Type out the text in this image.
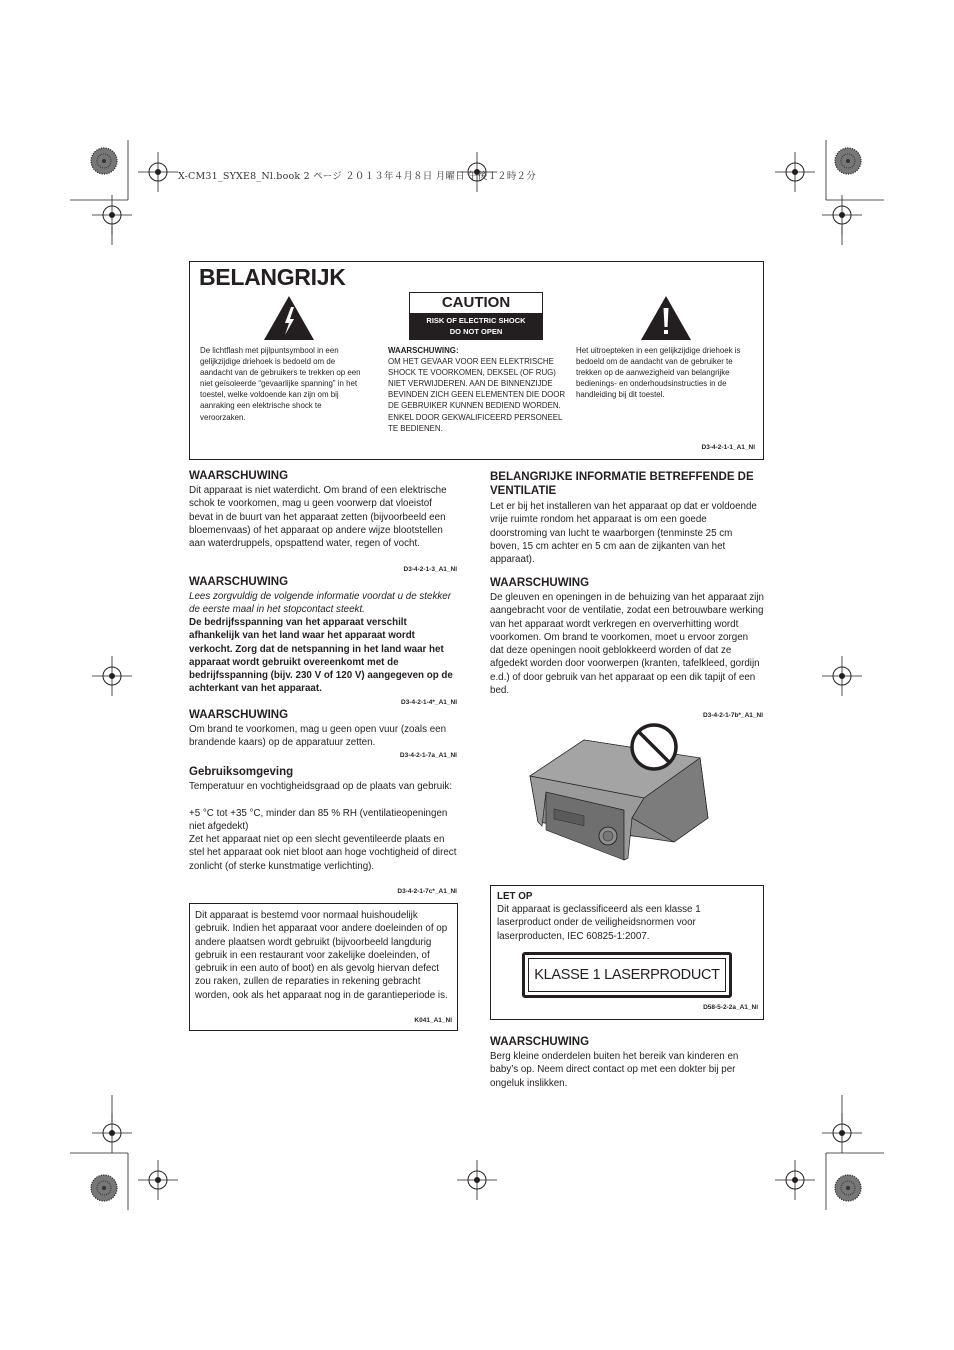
X-CM31_SYXE8_Nl.book 2 ページ ２０１３年４月８日 月曜日 午後１２時２分
BELANGRIJK
CAUTION
RISK OF ELECTRIC SHOCK
DO NOT OPEN
De lichtflash met pijlpuntsymbool in een gelijkzijdige driehoek is bedoeld om de aandacht van de gebruikers te trekken op een niet geïsoleerde “gevaarlijke spanning” in het toestel, welke voldoende kan zijn om bij aanraking een elektrische shock te veroorzaken.
WAARSCHUWING:
OM HET GEVAAR VOOR EEN ELEKTRISCHE SHOCK TE VOORKOMEN, DEKSEL (OF RUG) NIET VERWIJDEREN. AAN DE BINNENZIJDE BEVINDEN ZICH GEEN ELEMENTEN DIE DOOR DE GEBRUIKER KUNNEN BEDIEND WORDEN. ENKEL DOOR GEKWALIFICEERD PERSONEEL TE BEDIENEN.
Het uitroepteken in een gelijkzijdige driehoek is bedoeld om de aandacht van de gebruiker te trekken op de aanwezigheid van belangrijke bedienings- en onderhoudsinstructies in de handleiding bij dit toestel.
D3-4-2-1-1_A1_Nl
WAARSCHUWING
Dit apparaat is niet waterdicht. Om brand of een elektrische schok te voorkomen, mag u geen voorwerp dat vloeistof bevat in de buurt van het apparaat zetten (bijvoorbeeld een bloemenvaas) of het apparaat op andere wijze blootstellen aan waterdruppels, opspattend water, regen of vocht.
D3-4-2-1-3_A1_Nl
WAARSCHUWING
Lees zorgvuldig de volgende informatie voordat u de stekker de eerste maal in het stopcontact steekt.
De bedrijfsspanning van het apparaat verschilt afhankelijk van het land waar het apparaat wordt verkocht. Zorg dat de netspanning in het land waar het apparaat wordt gebruikt overeenkomt met de bedrijfsspanning (bijv. 230 V of 120 V) aangegeven op de achterkant van het apparaat.
D3-4-2-1-4*_A1_Nl
WAARSCHUWING
Om brand te voorkomen, mag u geen open vuur (zoals een brandende kaars) op de apparatuur zetten.
D3-4-2-1-7a_A1_Nl
Gebruiksomgeving
Temperatuur en vochtigheidsgraad op de plaats van gebruik:
+5 °C tot +35 °C, minder dan 85 % RH (ventilatieopeningen niet afgedekt)
Zet het apparaat niet op een slecht geventileerde plaats en stel het apparaat ook niet bloot aan hoge vochtigheid of direct zonlicht (of sterke kunstmatige verlichting).
D3-4-2-1-7c*_A1_Nl
Dit apparaat is bestemd voor normaal huishoudelijk gebruik. Indien het apparaat voor andere doeleinden of op andere plaatsen wordt gebruikt (bijvoorbeeld langdurig gebruik in een restaurant voor zakelijke doeleinden, of gebruik in een auto of boot) en als gevolg hiervan defect zou raken, zullen de reparaties in rekening gebracht worden, ook als het apparaat nog in de garantieperiode is.
K041_A1_Nl
BELANGRIJKE INFORMATIE BETREFFENDE DE VENTILATIE
Let er bij het installeren van het apparaat op dat er voldoende vrije ruimte rondom het apparaat is om een goede doorstroming van lucht te waarborgen (tenminste 25 cm boven, 15 cm achter en 5 cm aan de zijkanten van het apparaat).
WAARSCHUWING
De gleuven en openingen in de behuizing van het apparaat zijn aangebracht voor de ventilatie, zodat een betrouwbare werking van het apparaat wordt verkregen en oververhitting wordt voorkomen. Om brand te voorkomen, moet u ervoor zorgen dat deze openingen nooit geblokkeerd worden of dat ze afgedekt worden door voorwerpen (kranten, tafelkleed, gordijn e.d.) of door gebruik van het apparaat op een dik tapijt of een bed.
D3-4-2-1-7b*_A1_Nl
LET OP
Dit apparaat is geclassificeerd als een klasse 1 laserproduct onder de veiligheidsnormen voor laserproducten, IEC 60825-1:2007.
D58-5-2-2a_A1_Nl
KLASSE 1 LASERPRODUCT
WAARSCHUWING
Berg kleine onderdelen buiten het bereik van kinderen en baby’s op. Neem direct contact op met een dokter bij per ongeluk inslikken.
